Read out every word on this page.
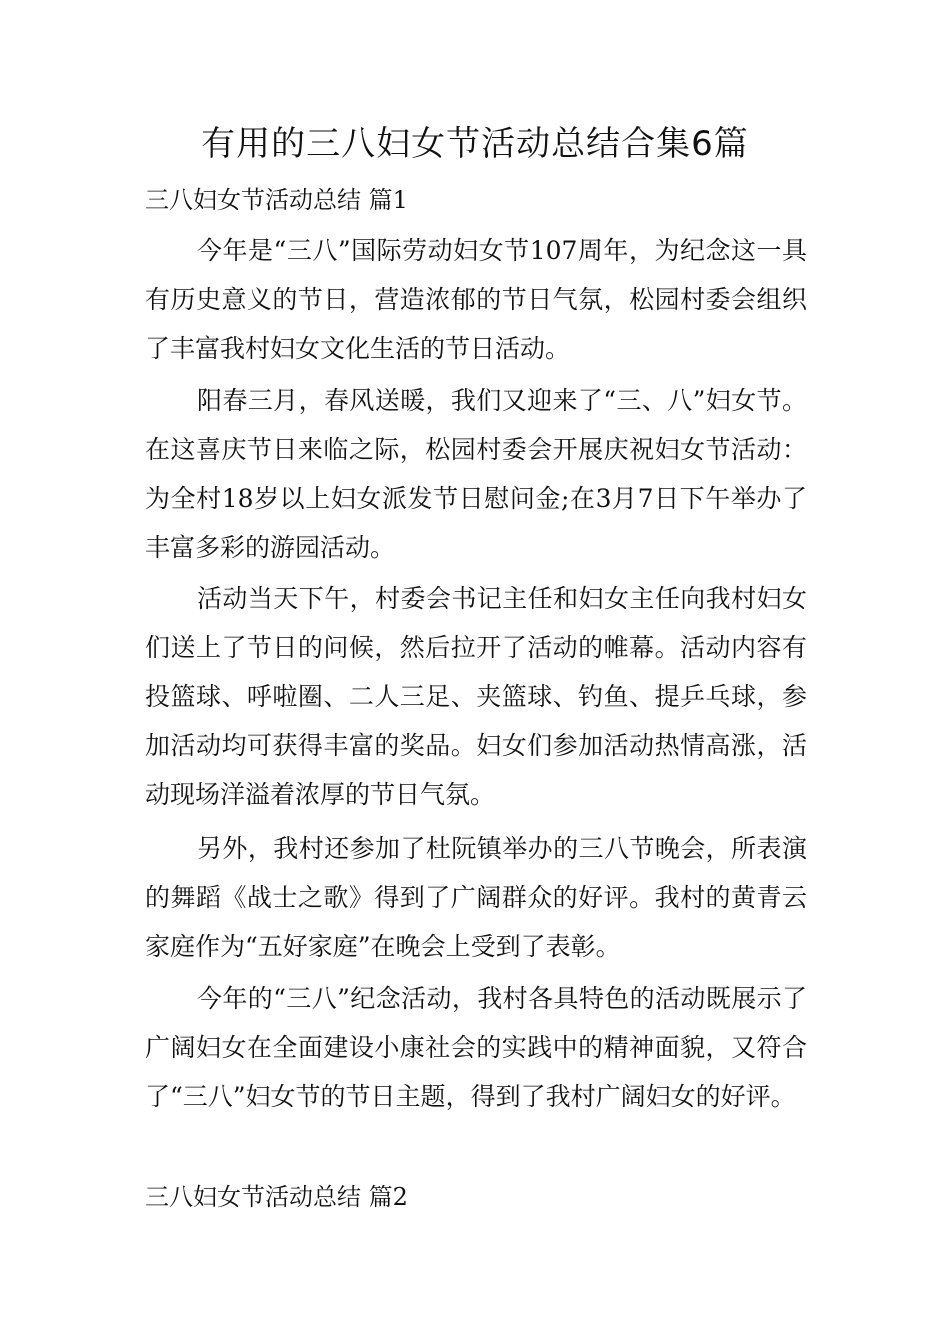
有用的三八妇女节活动总结合集6篇
三八妇女节活动总结 篇1

今年是“三八”国际劳动妇女节107周年，为纪念这一具有历史意义的节日，营造浓郁的节日气氛，松园村委会组织了丰富我村妇女文化生活的节日活动。

阳春三月，春风送暖，我们又迎来了“三、八”妇女节。在这喜庆节日来临之际，松园村委会开展庆祝妇女节活动：为全村18岁以上妇女派发节日慰问金;在3月7日下午举办了丰富多彩的游园活动。

活动当天下午，村委会书记主任和妇女主任向我村妇女们送上了节日的问候，然后拉开了活动的帷幕。活动内容有投篮球、呼啦圈、二人三足、夹篮球、钓鱼、提乒乓球，参加活动均可获得丰富的奖品。妇女们参加活动热情高涨，活动现场洋溢着浓厚的节日气氛。

另外，我村还参加了杜阮镇举办的三八节晚会，所表演的舞蹈《战士之歌》得到了广阔群众的好评。我村的黄青云家庭作为“五好家庭”在晚会上受到了表彰。

今年的“三八”纪念活动，我村各具特色的活动既展示了广阔妇女在全面建设小康社会的实践中的精神面貌，又符合了“三八”妇女节的节日主题，得到了我村广阔妇女的好评。

三八妇女节活动总结 篇2
